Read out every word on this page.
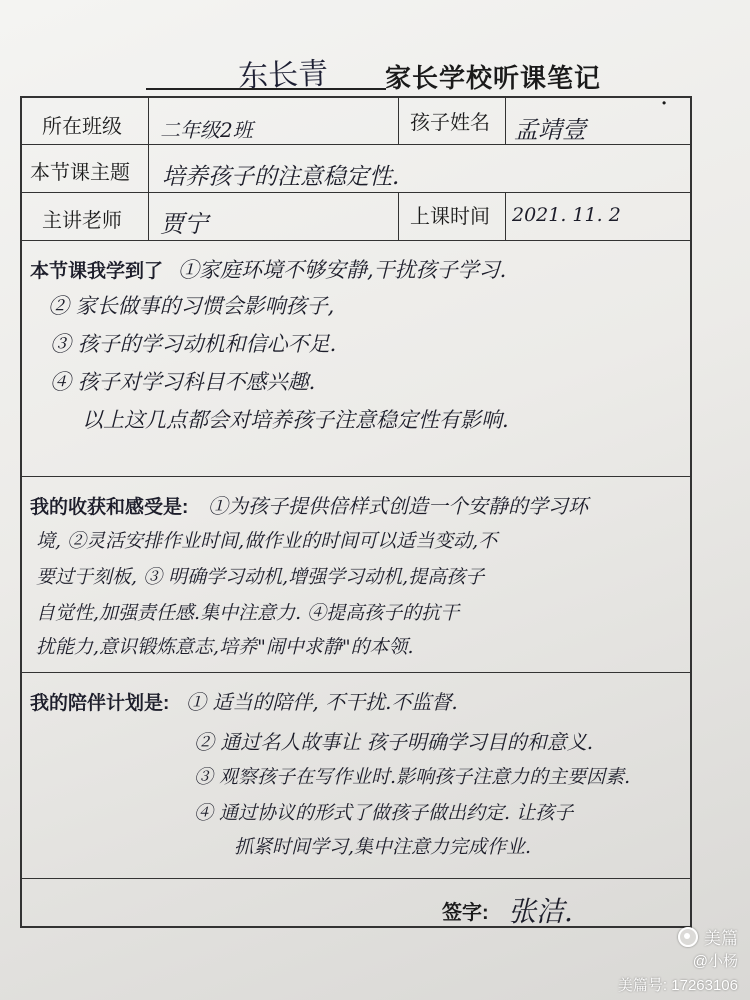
东长青 家长学校听课笔记
•
所在班级 二年级2班	孩子姓名 孟靖壹
本节课主题 培养孩子的注意稳定性.
主讲老师 贾宁	上课时间 2021. 11. 2
本节课我学到了 ①家庭环境不够安静,干扰孩子学习.
② 家长做事的习惯会影响孩子,
③ 孩子的学习动机和信心不足.
④ 孩子对学习科目不感兴趣.
以上这几点都会对培养孩子注意稳定性有影响.
我的收获和感受是: ①为孩子提供倍样式创造一个安静的学习环
境, ②灵活安排作业时间,做作业的时间可以适当变动,不
要过于刻板, ③ 明确学习动机,增强学习动机,提高孩子
自觉性,加强责任感.集中注意力. ④提高孩子的抗干
扰能力,意识锻炼意志,培养"闹中求静"的本领.
我的陪伴计划是: ① 适当的陪伴, 不干扰.不监督.
② 通过名人故事让 孩子明确学习目的和意义.
③ 观察孩子在写作业时.影响孩子注意力的主要因素.
④ 通过协议的形式了做孩子做出约定. 让孩子
抓紧时间学习,集中注意力完成作业.
签字: 张洁.
美篇
@小杨
美篇号: 17263106
